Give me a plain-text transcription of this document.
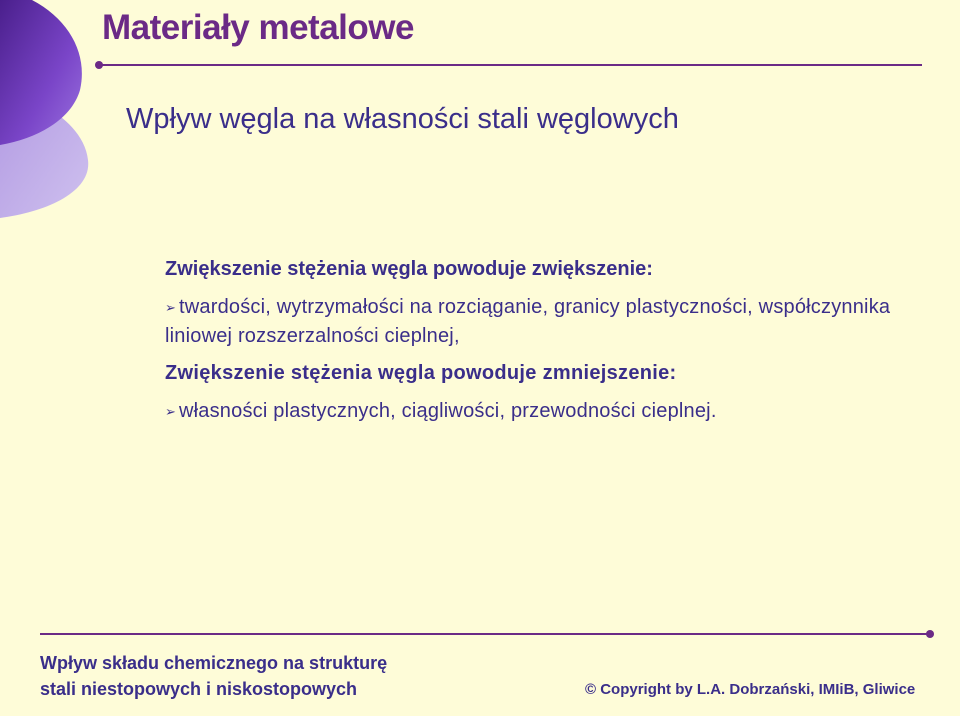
Materiały metalowe
Wpływ węgla na własności stali węglowych

Zwiększenie stężenia węgla powoduje zwiększenie:

➢ twardości, wytrzymałości na rozciąganie, granicy plastyczności, współczynnika liniowej rozszerzalności cieplnej,

Zwiększenie stężenia węgla powoduje zmniejszenie:

➢ własności plastycznych, ciągliwości, przewodności cieplnej.

Wpływ składu chemicznego na strukturę
stali niestopowych i niskostopowych	© Copyright by L.A. Dobrzański, IMIiB, Gliwice
